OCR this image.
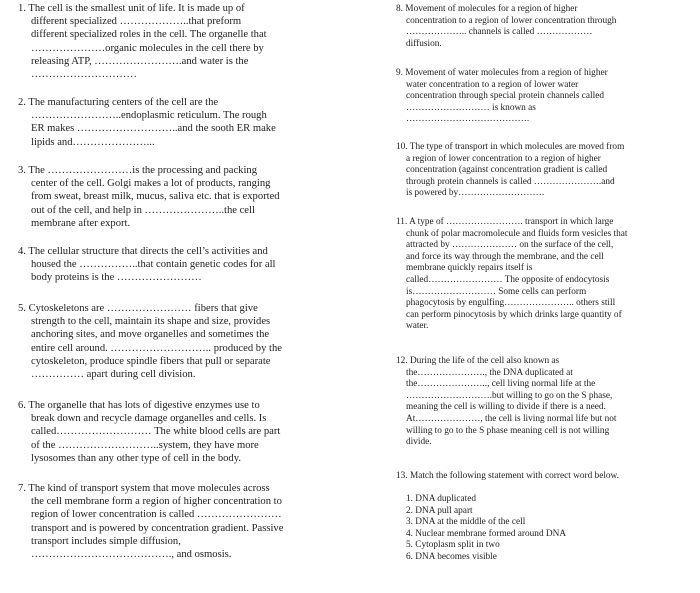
1. The cell is the smallest unit of life. It is made up of
different specialized ………………..that preform
different specialized roles in the cell. The organelle that
…………………organic molecules in the cell there by
releasing ATP, …………………….and water is the
…………………………
2. The manufacturing centers of the cell are the
……………………..endoplasmic reticulum. The rough
ER makes ………………………..and the sooth ER make
lipids and…………………...
3. The ……………………is the processing and packing
center of the cell. Golgi makes a lot of products, ranging
from sweat, breast milk, mucus, saliva etc. that is exported
out of the cell, and help in …………………..the cell
membrane after export.
4. The cellular structure that directs the cell’s activities and
housed the ……………..that contain genetic codes for all
body proteins is the ……………………
5. Cytoskeletons are …………………… fibers that give
strength to the cell, maintain its shape and size, provides
anchoring sites, and move organelles and sometimes the
entire cell around. ……………………….. produced by the
cytoskeleton, produce spindle fibers that pull or separate
…………… apart during cell division.
6. The organelle that has lots of digestive enzymes use to
break down and recycle damage organelles and cells. Is
called……………………… The white blood cells are part
of the ………………………..system, they have more
lysosomes than any other type of cell in the body.
7. The kind of transport system that move molecules across
the cell membrane form a region of higher concentration to
region of lower concentration is called ……………………
transport and is powered by concentration gradient. Passive
transport includes simple diffusion,
…………………………………., and osmosis.
8. Movement of molecules for a region of higher
concentration to a region of lower concentration through
……………….. channels is called ………………
diffusion.
9. Movement of water molecules from a region of higher
water concentration to a region of lower water
concentration through special protein channels called
……………………… is known as
………………………………….
10. The type of transport in which molecules are moved from
a region of lower concentration to a region of higher
concentration (against concentration gradient is called
through protein channels is called ………………….and
is powered by……………………….
11. A type of ……………………. transport in which large
chunk of polar macromolecule and fluids form vesicles that
attracted by ………………… on the surface of the cell,
and force its way through the membrane, and the cell
membrane quickly repairs itself is
called…………………… The opposite of endocytosis
is……………………… Some cells can perform
phagocytosis by engulfing………………….. others still
can perform pinocytosis by which drinks large quantity of
water.
12. During the life of the cell also known as
the…………………., the DNA duplicated at
the………………….., cell living normal life at the
……………………….but willing to go on the S phase,
meaning the cell is willing to divide if there is a need.
At…………………, the cell is living normal life but not
willing to go to the S phase meaning cell is not willing
divide.
13. Match the following statement with correct word below.
1. DNA duplicated
2. DNA pull apart
3. DNA at the middle of the cell
4. Nuclear membrane formed around DNA
5. Cytoplasm split in two
6. DNA becomes visible
